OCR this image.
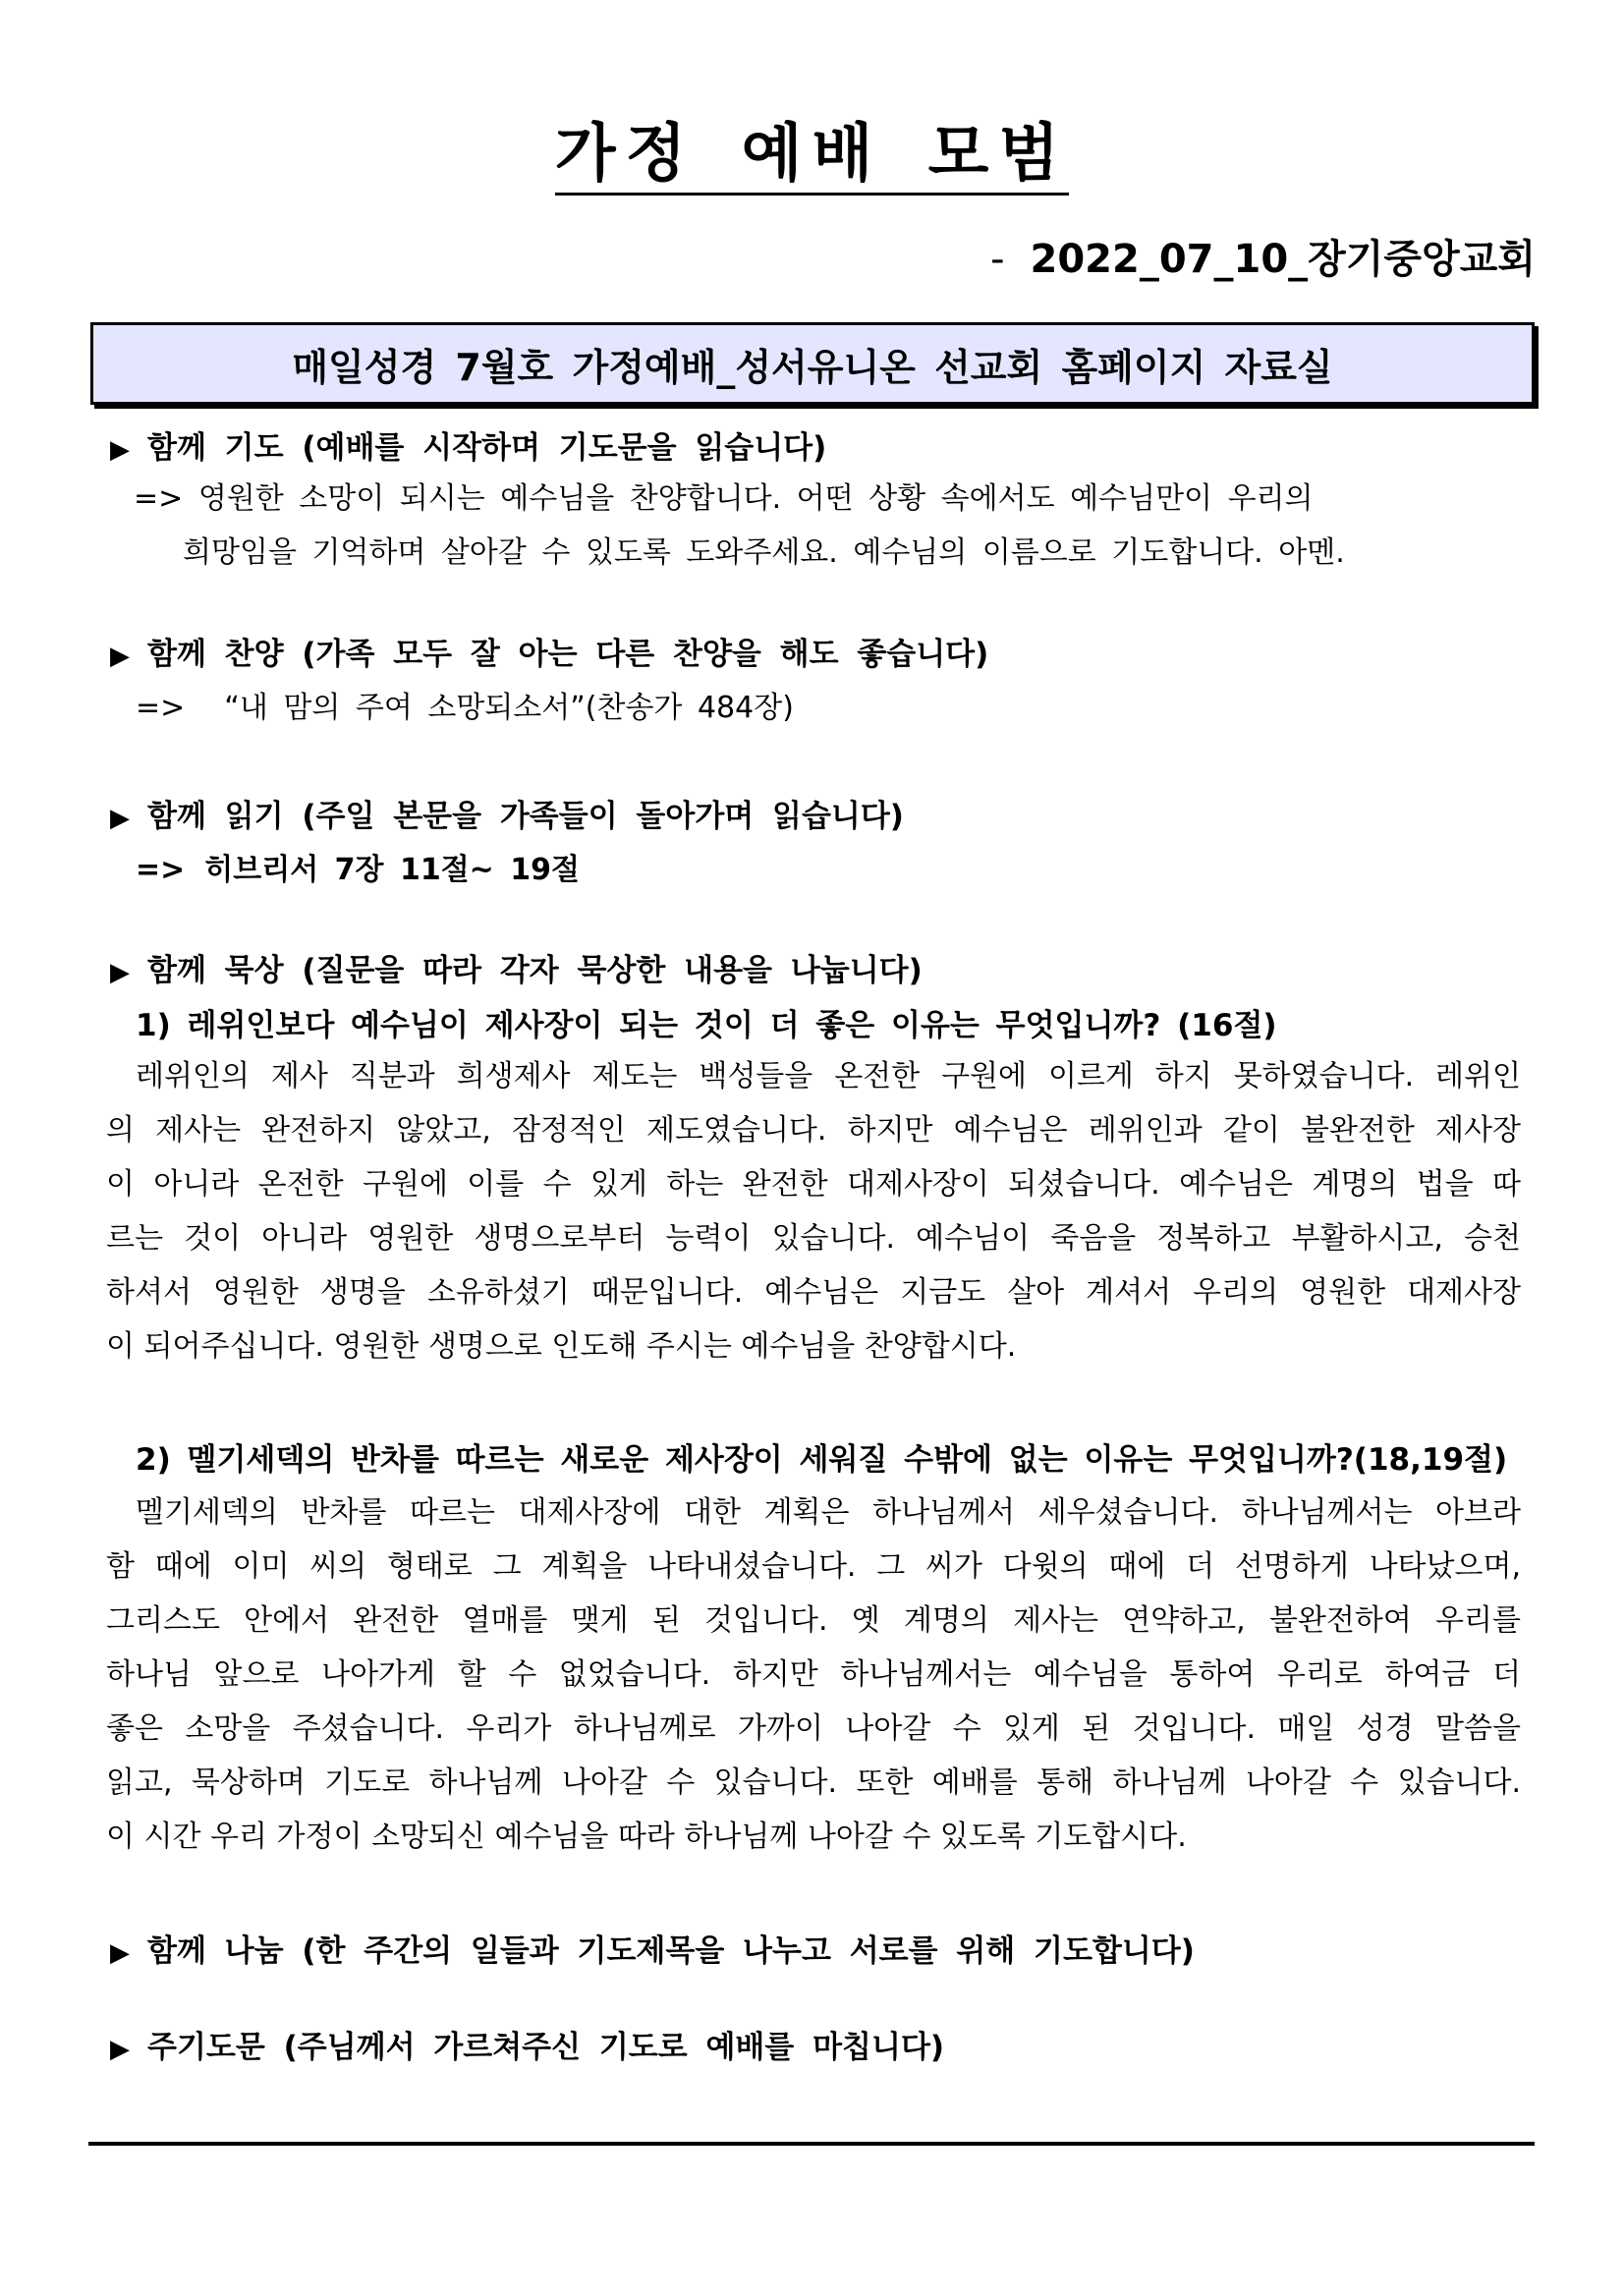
가정 예배 모범
- 2022_07_10_장기중앙교회
매일성경 7월호 가정예배_성서유니온 선교회 홈페이지 자료실
▶ 함께 기도 (예배를 시작하며 기도문을 읽습니다)
=> 영원한 소망이 되시는 예수님을 찬양합니다. 어떤 상황 속에서도 예수님만이 우리의
희망임을 기억하며 살아갈 수 있도록 도와주세요. 예수님의 이름으로 기도합니다. 아멘.
▶ 함께 찬양 (가족 모두 잘 아는 다른 찬양을 해도 좋습니다)
=> “내 맘의 주여 소망되소서”(찬송가 484장)
▶ 함께 읽기 (주일 본문을 가족들이 돌아가며 읽습니다)
=> 히브리서 7장 11절~ 19절
▶ 함께 묵상 (질문을 따라 각자 묵상한 내용을 나눕니다)
1) 레위인보다 예수님이 제사장이 되는 것이 더 좋은 이유는 무엇입니까? (16절)
레위인의 제사 직분과 희생제사 제도는 백성들을 온전한 구원에 이르게 하지 못하였습니다. 레위인
의 제사는 완전하지 않았고, 잠정적인 제도였습니다. 하지만 예수님은 레위인과 같이 불완전한 제사장
이 아니라 온전한 구원에 이를 수 있게 하는 완전한 대제사장이 되셨습니다. 예수님은 계명의 법을 따
르는 것이 아니라 영원한 생명으로부터 능력이 있습니다. 예수님이 죽음을 정복하고 부활하시고, 승천
하셔서 영원한 생명을 소유하셨기 때문입니다. 예수님은 지금도 살아 계셔서 우리의 영원한 대제사장
이 되어주십니다. 영원한 생명으로 인도해 주시는 예수님을 찬양합시다.
2) 멜기세덱의 반차를 따르는 새로운 제사장이 세워질 수밖에 없는 이유는 무엇입니까?(18,19절)
멜기세덱의 반차를 따르는 대제사장에 대한 계획은 하나님께서 세우셨습니다. 하나님께서는 아브라
함 때에 이미 씨의 형태로 그 계획을 나타내셨습니다. 그 씨가 다윗의 때에 더 선명하게 나타났으며,
그리스도 안에서 완전한 열매를 맺게 된 것입니다. 옛 계명의 제사는 연약하고, 불완전하여 우리를
하나님 앞으로 나아가게 할 수 없었습니다. 하지만 하나님께서는 예수님을 통하여 우리로 하여금 더
좋은 소망을 주셨습니다. 우리가 하나님께로 가까이 나아갈 수 있게 된 것입니다. 매일 성경 말씀을
읽고, 묵상하며 기도로 하나님께 나아갈 수 있습니다. 또한 예배를 통해 하나님께 나아갈 수 있습니다.
이 시간 우리 가정이 소망되신 예수님을 따라 하나님께 나아갈 수 있도록 기도합시다.
▶ 함께 나눔 (한 주간의 일들과 기도제목을 나누고 서로를 위해 기도합니다)
▶ 주기도문 (주님께서 가르쳐주신 기도로 예배를 마칩니다)
